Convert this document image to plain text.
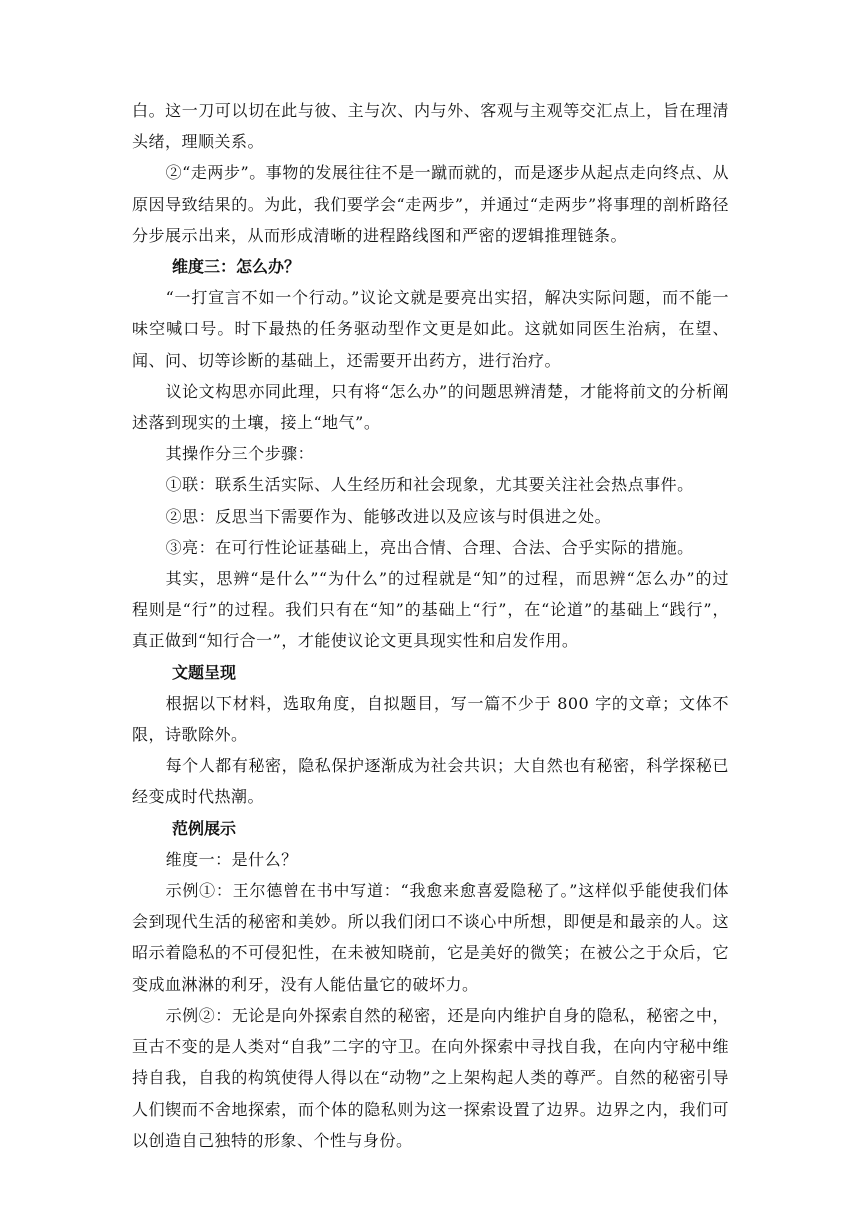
白。这一刀可以切在此与彼、主与次、内与外、客观与主观等交汇点上，旨在理清头绪，理顺关系。

②“走两步”。事物的发展往往不是一蹴而就的，而是逐步从起点走向终点、从原因导致结果的。为此，我们要学会“走两步”，并通过“走两步”将事理的剖析路径分步展示出来，从而形成清晰的进程路线图和严密的逻辑推理链条。

维度三：怎么办？

“一打宣言不如一个行动。”议论文就是要亮出实招，解决实际问题，而不能一味空喊口号。时下最热的任务驱动型作文更是如此。这就如同医生治病，在望、闻、问、切等诊断的基础上，还需要开出药方，进行治疗。

议论文构思亦同此理，只有将“怎么办”的问题思辨清楚，才能将前文的分析阐述落到现实的土壤，接上“地气”。

其操作分三个步骤：

①联：联系生活实际、人生经历和社会现象，尤其要关注社会热点事件。

②思：反思当下需要作为、能够改进以及应该与时俱进之处。

③亮：在可行性论证基础上，亮出合情、合理、合法、合乎实际的措施。

其实，思辨“是什么”“为什么”的过程就是“知”的过程，而思辨“怎么办”的过程则是“行”的过程。我们只有在“知”的基础上“行”，在“论道”的基础上“践行”，真正做到“知行合一”，才能使议论文更具现实性和启发作用。

文题呈现

根据以下材料，选取角度，自拟题目，写一篇不少于 800 字的文章；文体不限，诗歌除外。

每个人都有秘密，隐私保护逐渐成为社会共识；大自然也有秘密，科学探秘已经变成时代热潮。

范例展示

维度一：是什么？

示例①：王尔德曾在书中写道：“我愈来愈喜爱隐秘了。”这样似乎能使我们体会到现代生活的秘密和美妙。所以我们闭口不谈心中所想，即便是和最亲的人。这昭示着隐私的不可侵犯性，在未被知晓前，它是美好的微笑；在被公之于众后，它变成血淋淋的利牙，没有人能估量它的破坏力。

示例②：无论是向外探索自然的秘密，还是向内维护自身的隐私，秘密之中，亘古不变的是人类对“自我”二字的守卫。在向外探索中寻找自我，在向内守秘中维持自我，自我的构筑使得人得以在“动物”之上架构起人类的尊严。自然的秘密引导人们锲而不舍地探索，而个体的隐私则为这一探索设置了边界。边界之内，我们可以创造自己独特的形象、个性与身份。
